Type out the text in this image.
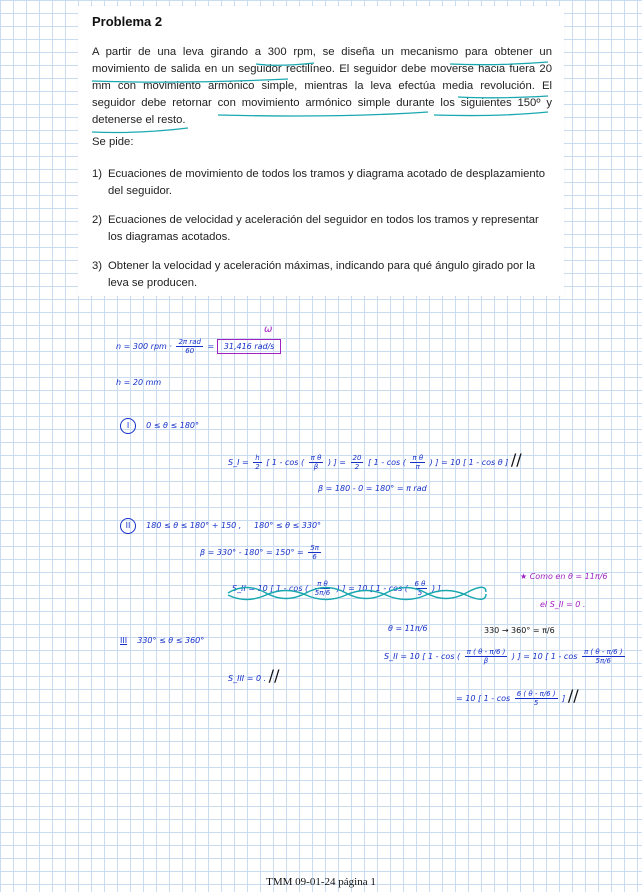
Problema 2

A partir de una leva girando a 300 rpm, se diseña un mecanismo para obtener un movimiento de salida en un seguidor rectilíneo. El seguidor debe moverse hacia fuera 20 mm con movimiento armónico simple, mientras la leva efectúa media revolución. El seguidor debe retornar con movimiento armónico simple durante los siguientes 150º y detenerse el resto.

Se pide:
1) Ecuaciones de movimiento de todos los tramos y diagrama acotado de desplazamiento del seguidor.
2) Ecuaciones de velocidad y aceleración del seguidor en todos los tramos y representar los diagramas acotados.
3) Obtener la velocidad y aceleración máximas, indicando para qué ángulo girado por la leva se producen.
ω
n = 300 rpm · $\frac{\text{2π rad}}{60} = 31,416$ rad/s
h = 20 mm
I 0 ≤ θ ≤ 180°
S_I = $\frac{h}{2}$ [ 1 - cos ( $\frac{\text{π θ}}{\beta}$ ) ] = $\frac{20}{2}$ [ 1 - cos ( $\frac{\text{π θ}}{\pi}$ ) ] = 10 [ 1 - cos θ ] //
β = 180 - 0 = 180° = π rad
II 180 ≤ θ ≤ 180° + 150 , 180° ≤ θ ≤ 330°
$\beta = 330^\circ - 180^\circ = 150^\circ = \frac{5\pi}{6}$
S_II = 10 [ 1 - cos ( $\frac{\text{π θ}}{5\pi/6}$ ) ] = 10 [ 1 - cos ( $\frac{6 \theta}{5}$ ) ]
★ Como en θ = 11π/6
el S_II = 0 .
θ = 11π/6	330 → 360° = π/6
III 330° ≤ θ ≤ 360°
S_III = 0 . //
S_II = 10 [ 1 - cos ( $\frac{\pi ( \theta - \pi/6 )}{\beta}$ ) ] = 10 [ $1 - \cos \frac{\pi ( \theta - \pi/6 )}{5\pi/6}$
= 10 [ $1 - \cos \frac{6 ( \theta - \pi/6 )}{5}$ ] //
TMM 09-01-24 página 1
